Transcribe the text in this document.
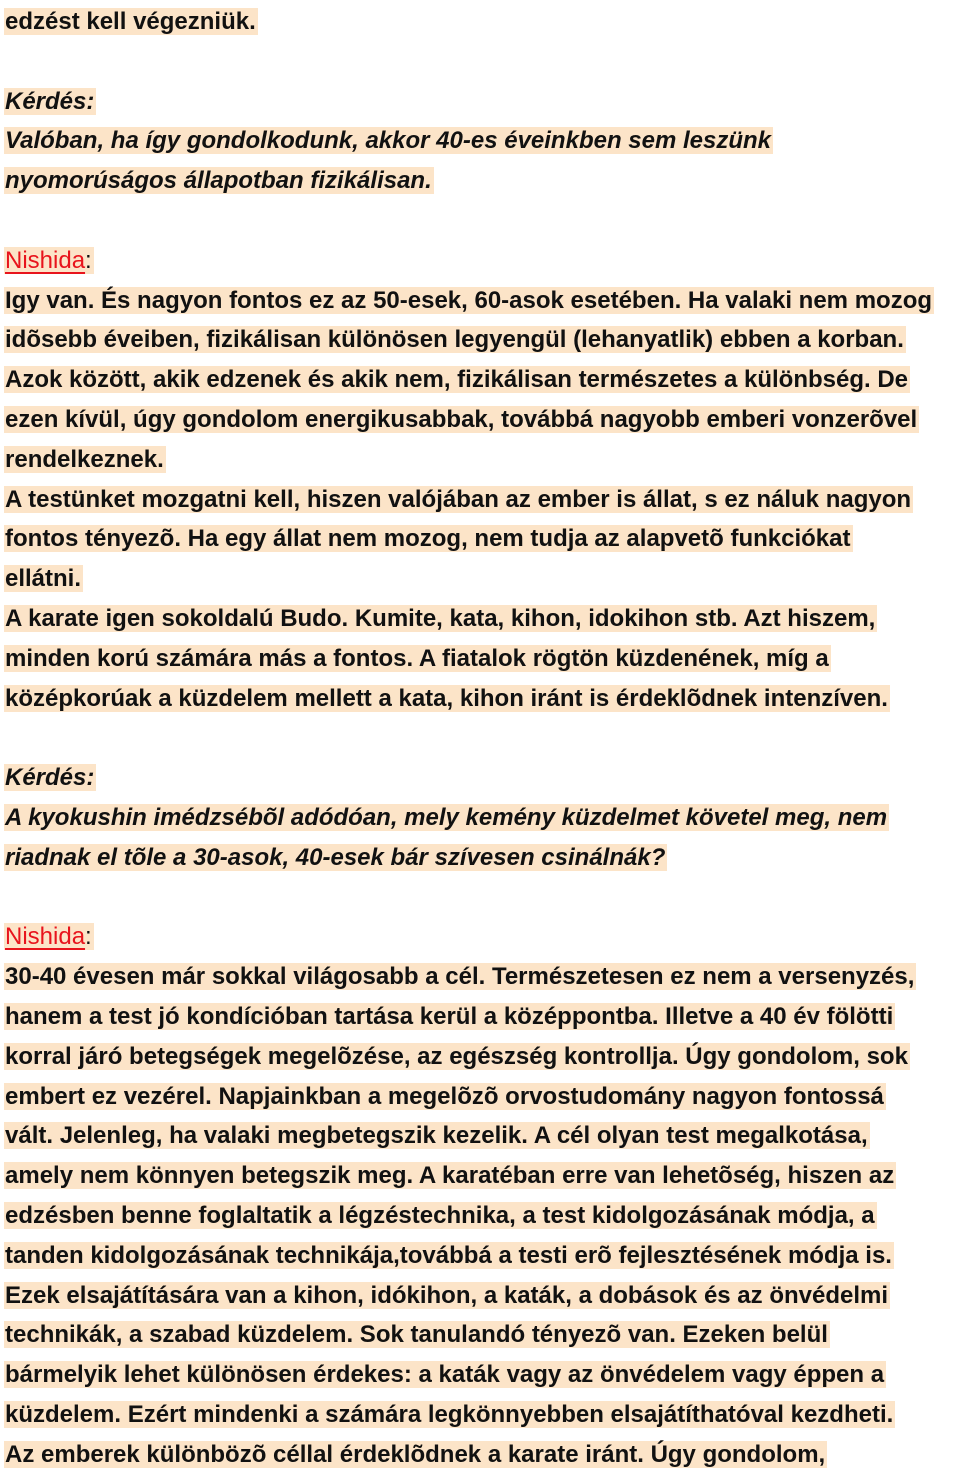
edzést kell végezniük.
Kérdés:
Valóban, ha így gondolkodunk, akkor 40-es éveinkben sem leszünk
nyomorúságos állapotban fizikálisan.
Nishida:
Igy van. És nagyon fontos ez az 50-esek, 60-asok esetében. Ha valaki nem mozog
idõsebb éveiben, fizikálisan különösen legyengül (lehanyatlik) ebben a korban.
Azok között, akik edzenek és akik nem, fizikálisan természetes a különbség. De
ezen kívül, úgy gondolom energikusabbak, továbbá nagyobb emberi vonzerõvel
rendelkeznek.
A testünket mozgatni kell, hiszen valójában az ember is állat, s ez náluk nagyon
fontos tényezõ. Ha egy állat nem mozog, nem tudja az alapvetõ funkciókat
ellátni.
A karate igen sokoldalú Budo. Kumite, kata, kihon, idokihon stb. Azt hiszem,
minden korú számára más a fontos. A fiatalok rögtön küzdenének, míg a
középkorúak a küzdelem mellett a kata, kihon iránt is érdeklõdnek intenzíven.
Kérdés:
A kyokushin imédzsébõl adódóan, mely kemény küzdelmet követel meg, nem
riadnak el tõle a 30-asok, 40-esek bár szívesen csinálnák?
Nishida:
30-40 évesen már sokkal világosabb a cél. Természetesen ez nem a versenyzés,
hanem a test jó kondícióban tartása kerül a középpontba. Illetve a 40 év fölötti
korral járó betegségek megelõzése, az egészség kontrollja. Úgy gondolom, sok
embert ez vezérel. Napjainkban a megelõzõ orvostudomány nagyon fontossá
vált. Jelenleg, ha valaki megbetegszik kezelik. A cél olyan test megalkotása,
amely nem könnyen betegszik meg. A karatéban erre van lehetõség, hiszen az
edzésben benne foglaltatik a légzéstechnika, a test kidolgozásának módja, a
tanden kidolgozásának technikája,továbbá a testi erõ fejlesztésének módja is.
Ezek elsajátítására van a kihon, idókihon, a katák, a dobások és az önvédelmi
technikák, a szabad küzdelem. Sok tanulandó tényezõ van. Ezeken belül
bármelyik lehet különösen érdekes: a katák vagy az önvédelem vagy éppen a
küzdelem. Ezért mindenki a számára legkönnyebben elsajátíthatóval kezdheti.
Az emberek különbözõ céllal érdeklõdnek a karate iránt. Úgy gondolom,
